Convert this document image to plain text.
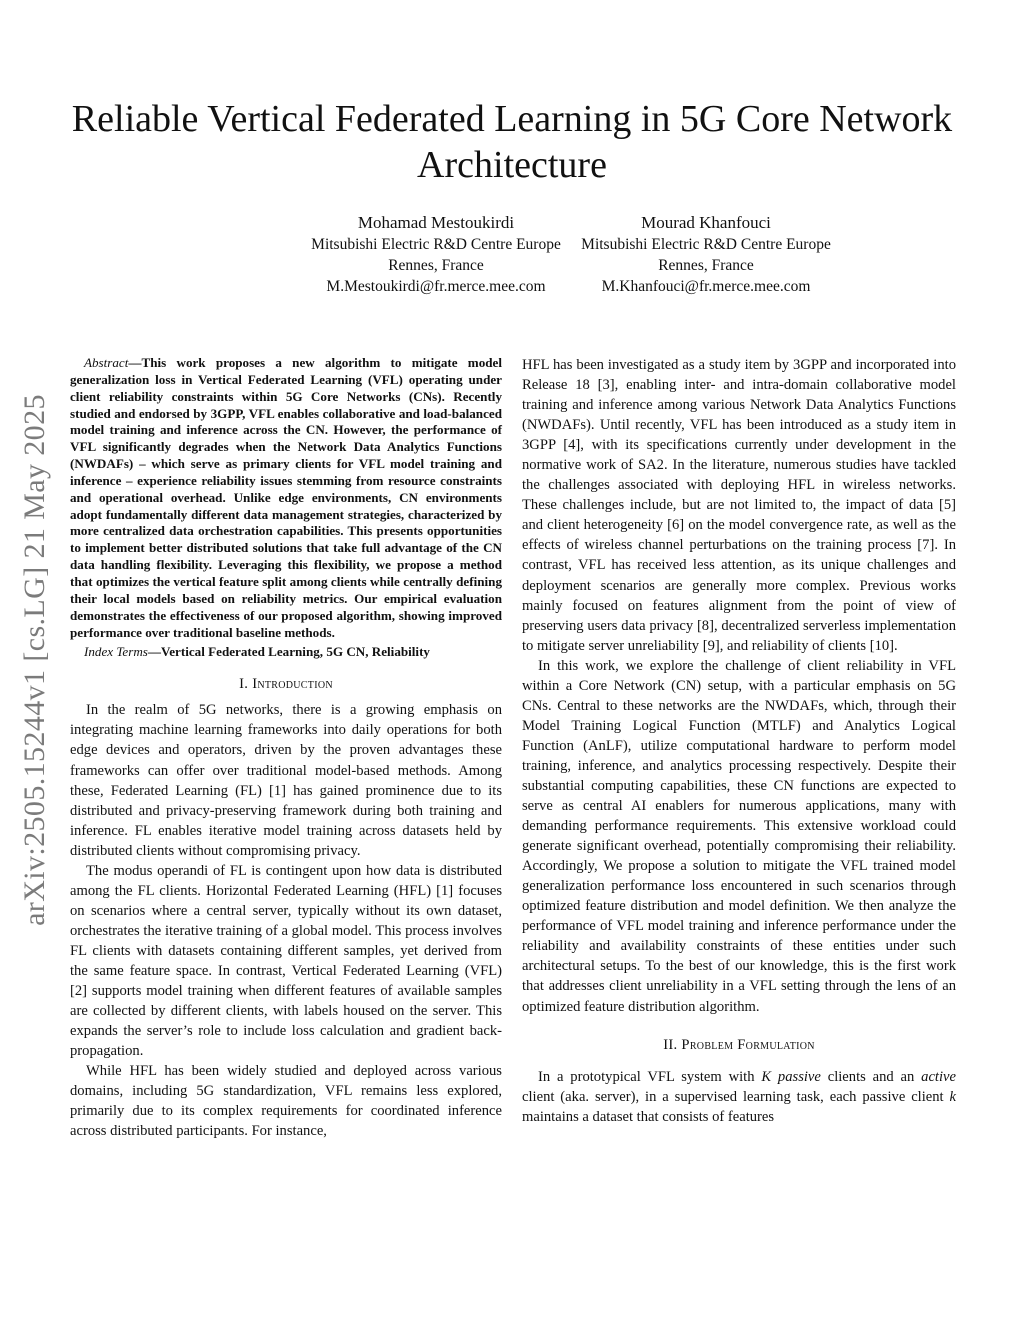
Reliable Vertical Federated Learning in 5G Core Network Architecture
Mohamad Mestoukirdi
Mitsubishi Electric R&D Centre Europe
Rennes, France
M.Mestoukirdi@fr.merce.mee.com
Mourad Khanfouci
Mitsubishi Electric R&D Centre Europe
Rennes, France
M.Khanfouci@fr.merce.mee.com
arXiv:2505.15244v1 [cs.LG] 21 May 2025

Abstract—This work proposes a new algorithm to mitigate model generalization loss in Vertical Federated Learning (VFL) operating under client reliability constraints within 5G Core Networks (CNs). Recently studied and endorsed by 3GPP, VFL enables collaborative and load-balanced model training and inference across the CN. However, the performance of VFL significantly degrades when the Network Data Analytics Functions (NWDAFs) – which serve as primary clients for VFL model training and inference – experience reliability issues stemming from resource constraints and operational overhead. Unlike edge environments, CN environments adopt fundamentally different data management strategies, characterized by more centralized data orchestration capabilities. This presents opportunities to implement better distributed solutions that take full advantage of the CN data handling flexibility. Leveraging this flexibility, we propose a method that optimizes the vertical feature split among clients while centrally defining their local models based on reliability metrics. Our empirical evaluation demonstrates the effectiveness of our proposed algorithm, showing improved performance over traditional baseline methods.

Index Terms—Vertical Federated Learning, 5G CN, Reliability

I. Introduction

In the realm of 5G networks, there is a growing emphasis on integrating machine learning frameworks into daily operations for both edge devices and operators, driven by the proven advantages these frameworks can offer over traditional model-based methods. Among these, Federated Learning (FL) [1] has gained prominence due to its distributed and privacy-preserving framework during both training and inference. FL enables iterative model training across datasets held by distributed clients without compromising privacy.

The modus operandi of FL is contingent upon how data is distributed among the FL clients. Horizontal Federated Learning (HFL) [1] focuses on scenarios where a central server, typically without its own dataset, orchestrates the iterative training of a global model. This process involves FL clients with datasets containing different samples, yet derived from the same feature space. In contrast, Vertical Federated Learning (VFL) [2] supports model training when different features of available samples are collected by different clients, with labels housed on the server. This expands the server’s role to include loss calculation and gradient back-propagation.

While HFL has been widely studied and deployed across various domains, including 5G standardization, VFL remains less explored, primarily due to its complex requirements for coordinated inference across distributed participants. For instance,

HFL has been investigated as a study item by 3GPP and incorporated into Release 18 [3], enabling inter- and intra-domain collaborative model training and inference among various Network Data Analytics Functions (NWDAFs). Until recently, VFL has been introduced as a study item in 3GPP [4], with its specifications currently under development in the normative work of SA2. In the literature, numerous studies have tackled the challenges associated with deploying HFL in wireless networks. These challenges include, but are not limited to, the impact of data [5] and client heterogeneity [6] on the model convergence rate, as well as the effects of wireless channel perturbations on the training process [7]. In contrast, VFL has received less attention, as its unique challenges and deployment scenarios are generally more complex. Previous works mainly focused on features alignment from the point of view of preserving users data privacy [8], decentralized serverless implementation to mitigate server unreliability [9], and reliability of clients [10].

In this work, we explore the challenge of client reliability in VFL within a Core Network (CN) setup, with a particular emphasis on 5G CNs. Central to these networks are the NWDAFs, which, through their Model Training Logical Function (MTLF) and Analytics Logical Function (AnLF), utilize computational hardware to perform model training, inference, and analytics processing respectively. Despite their substantial computing capabilities, these CN functions are expected to serve as central AI enablers for numerous applications, many with demanding performance requirements. This extensive workload could generate significant overhead, potentially compromising their reliability. Accordingly, We propose a solution to mitigate the VFL trained model generalization performance loss encountered in such scenarios through optimized feature distribution and model definition. We then analyze the performance of VFL model training and inference performance under the reliability and availability constraints of these entities under such architectural setups. To the best of our knowledge, this is the first work that addresses client unreliability in a VFL setting through the lens of an optimized feature distribution algorithm.

II. Problem Formulation

In a prototypical VFL system with K passive clients and an active client (aka. server), in a supervised learning task, each passive client k maintains a dataset that consists of features
